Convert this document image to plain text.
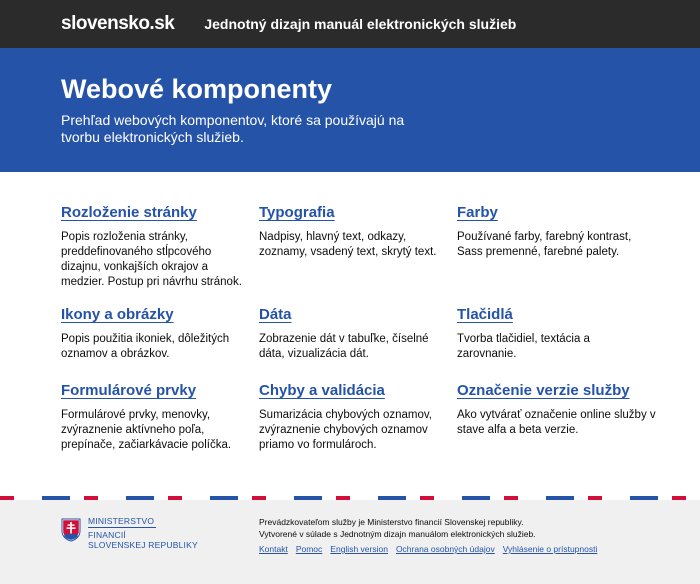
slovensko.sk Jednotný dizajn manuál elektronických služieb
Webové komponenty

Prehľad webových komponentov, ktoré sa používajú na tvorbu elektronických služieb.

Rozloženie stránky

Popis rozloženia stránky, preddefinovaného stĺpcového dizajnu, vonkajších okrajov a medzier. Postup pri návrhu stránok.

Typografia

Nadpisy, hlavný text, odkazy, zoznamy, vsadený text, skrytý text.

Farby

Používané farby, farebný kontrast, Sass premenné, farebné palety.

Ikony a obrázky

Popis použitia ikoniek, dôležitých oznamov a obrázkov.

Dáta

Zobrazenie dát v tabuľke, číselné dáta, vizualizácia dát.

Tlačidlá

Tvorba tlačidiel, textácia a zarovnanie.

Formulárové prvky

Formulárové prvky, menovky, zvýraznenie aktívneho poľa, prepínače, začiarkávacie políčka.

Chyby a validácia

Sumarizácia chybových oznamov, zvýraznenie chybových oznamov priamo vo formulároch.

Označenie verzie služby

Ako vytvárať označenie online služby v stave alfa a beta verzie.

MINISTERSTVO
FINANCIÍ
SLOVENSKEJ REPUBLIKY
Prevádzkovateľom služby je Ministerstvo financií Slovenskej republiky.
Vytvorené v súlade s Jednotným dizajn manuálom elektronických služieb.
Kontakt Pomoc English version Ochrana osobných údajov Vyhlásenie o prístupnosti
